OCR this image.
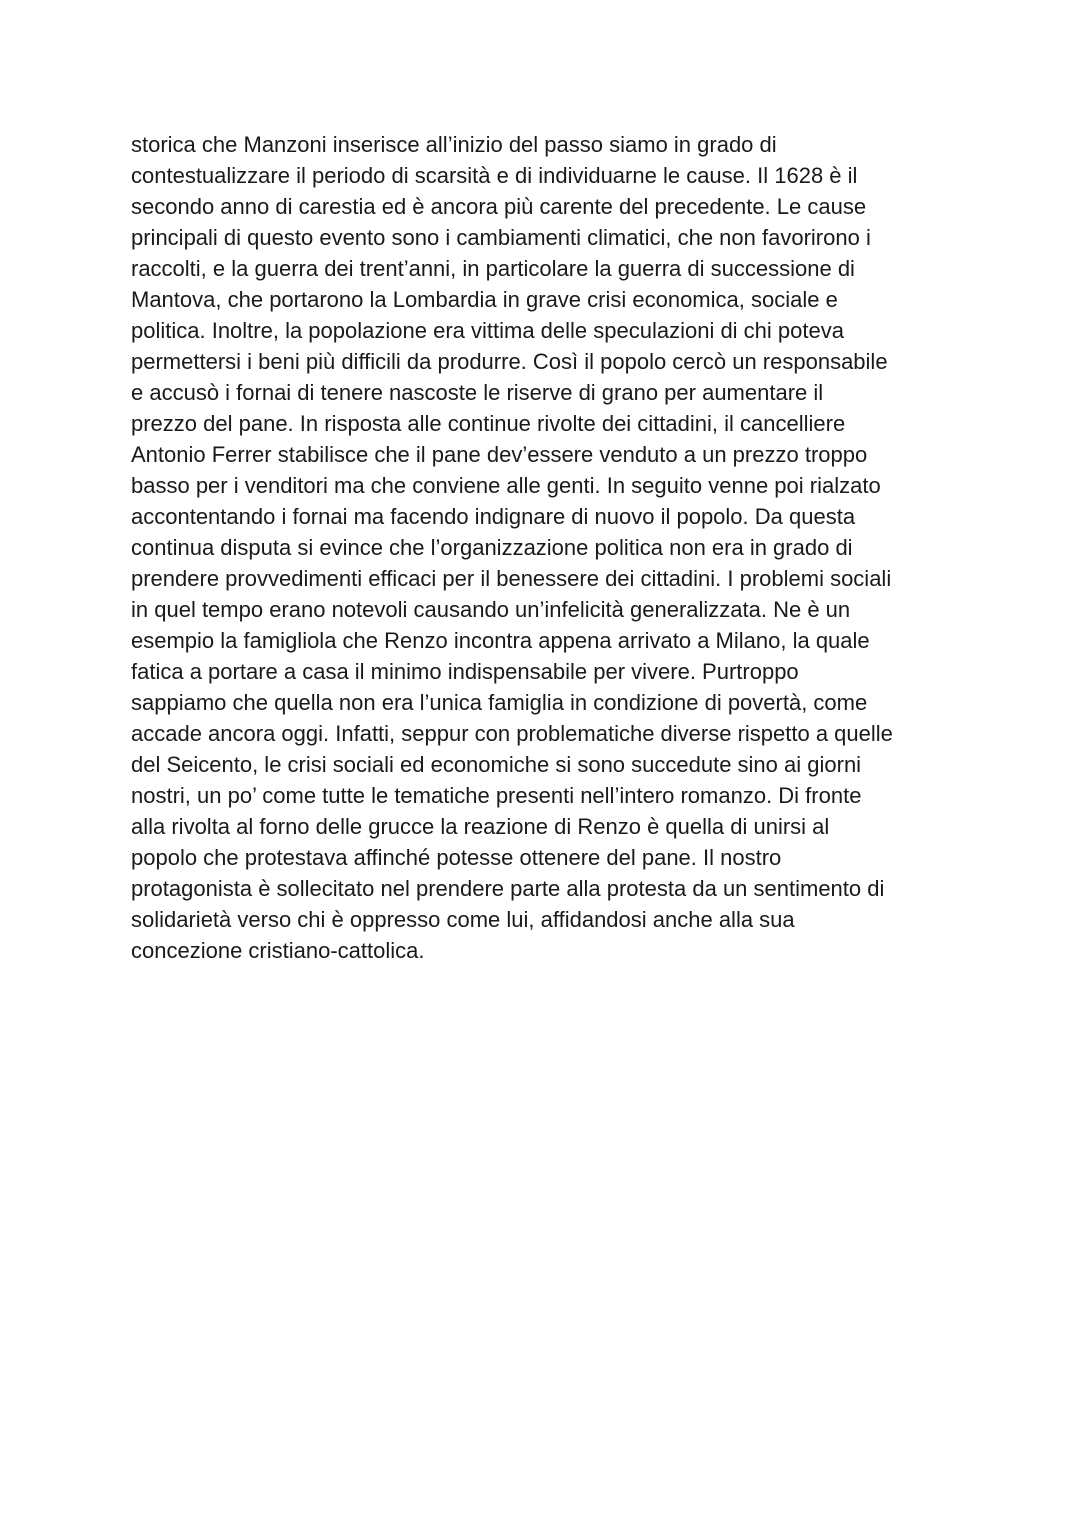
storica che Manzoni inserisce all’inizio del passo siamo in grado di
contestualizzare il periodo di scarsità e di individuarne le cause. Il 1628 è il
secondo anno di carestia ed è ancora più carente del precedente. Le cause
principali di questo evento sono i cambiamenti climatici, che non favorirono i
raccolti, e la guerra dei trent’anni, in particolare la guerra di successione di
Mantova, che portarono la Lombardia in grave crisi economica, sociale e
politica. Inoltre, la popolazione era vittima delle speculazioni di chi poteva
permettersi i beni più difficili da produrre. Così il popolo cercò un responsabile
e accusò i fornai di tenere nascoste le riserve di grano per aumentare il
prezzo del pane. In risposta alle continue rivolte dei cittadini, il cancelliere
Antonio Ferrer stabilisce che il pane dev’essere venduto a un prezzo troppo
basso per i venditori ma che conviene alle genti. In seguito venne poi rialzato
accontentando i fornai ma facendo indignare di nuovo il popolo. Da questa
continua disputa si evince che l’organizzazione politica non era in grado di
prendere provvedimenti efficaci per il benessere dei cittadini. I problemi sociali
in quel tempo erano notevoli causando un’infelicità generalizzata. Ne è un
esempio la famigliola che Renzo incontra appena arrivato a Milano, la quale
fatica a portare a casa il minimo indispensabile per vivere. Purtroppo
sappiamo che quella non era l’unica famiglia in condizione di povertà, come
accade ancora oggi. Infatti, seppur con problematiche diverse rispetto a quelle
del Seicento, le crisi sociali ed economiche si sono succedute sino ai giorni
nostri, un po’ come tutte le tematiche presenti nell’intero romanzo. Di fronte
alla rivolta al forno delle grucce la reazione di Renzo è quella di unirsi al
popolo che protestava affinché potesse ottenere del pane. Il nostro
protagonista è sollecitato nel prendere parte alla protesta da un sentimento di
solidarietà verso chi è oppresso come lui, affidandosi anche alla sua
concezione cristiano-cattolica.
